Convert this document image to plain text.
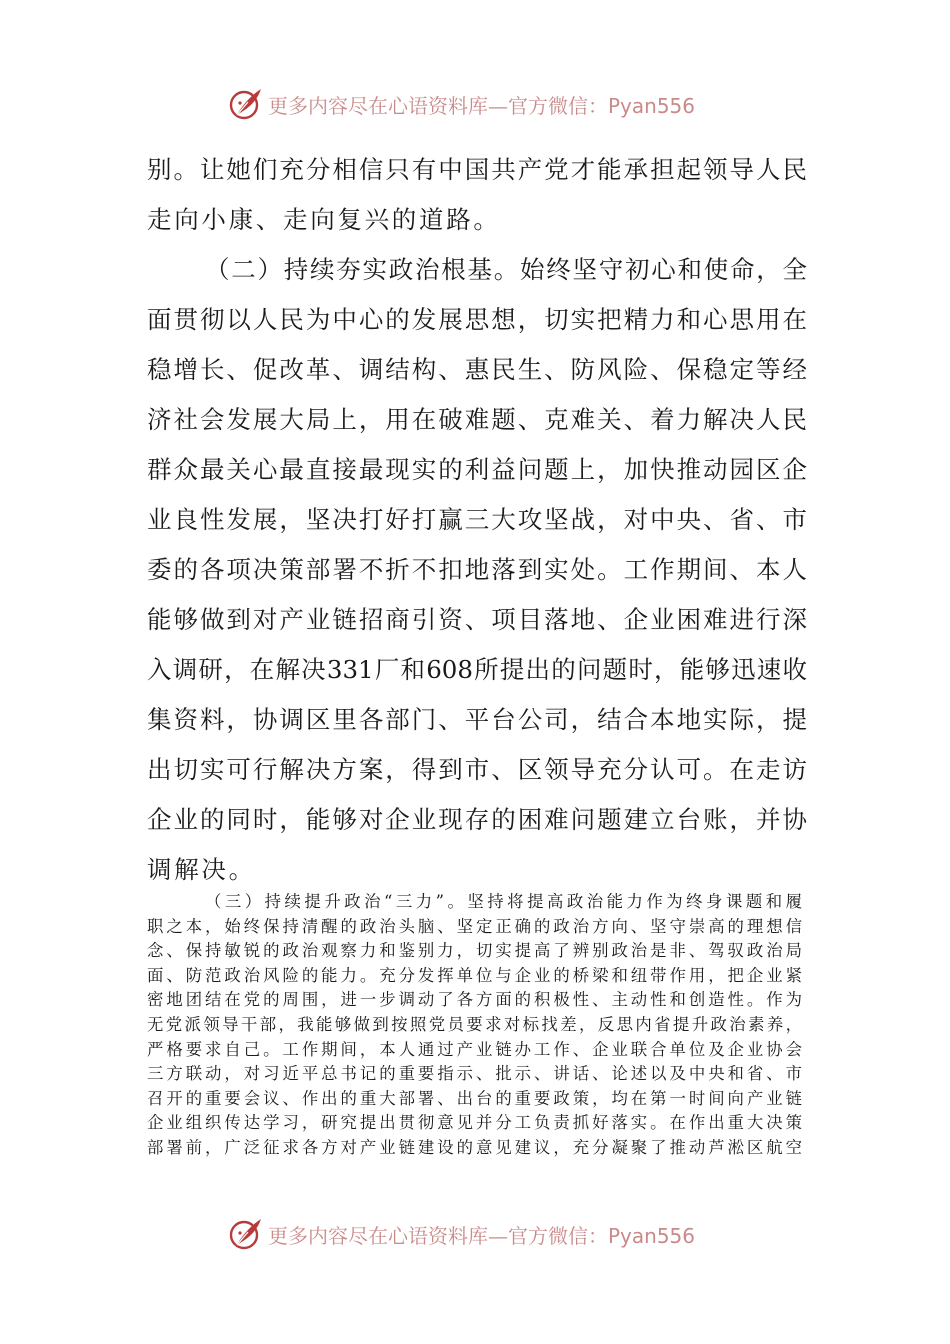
更多内容尽在心语资料库—官方微信：Pyan556
别。让她们充分相信只有中国共产党才能承担起领导人民
走向小康、走向复兴的道路。
（二）持续夯实政治根基。始终坚守初心和使命，全
面贯彻以人民为中心的发展思想，切实把精力和心思用在
稳增长、促改革、调结构、惠民生、防风险、保稳定等经
济社会发展大局上，用在破难题、克难关、着力解决人民
群众最关心最直接最现实的利益问题上，加快推动园区企
业良性发展，坚决打好打赢三大攻坚战，对中央、省、市
委的各项决策部署不折不扣地落到实处。工作期间、本人
能够做到对产业链招商引资、项目落地、企业困难进行深
入调研，在解决331厂和608所提出的问题时，能够迅速收
集资料，协调区里各部门、平台公司，结合本地实际，提
出切实可行解决方案，得到市、区领导充分认可。在走访
企业的同时，能够对企业现存的困难问题建立台账，并协
调解决。
（三）持续提升政治“三力”。坚持将提高政治能力作为终身课题和履
职之本，始终保持清醒的政治头脑、坚定正确的政治方向、坚守崇高的理想信
念、保持敏锐的政治观察力和鉴别力，切实提高了辨别政治是非、驾驭政治局
面、防范政治风险的能力。充分发挥单位与企业的桥梁和纽带作用，把企业紧
密地团结在党的周围，进一步调动了各方面的积极性、主动性和创造性。作为
无党派领导干部，我能够做到按照党员要求对标找差，反思内省提升政治素养，
严格要求自己。工作期间，本人通过产业链办工作、企业联合单位及企业协会
三方联动，对习近平总书记的重要指示、批示、讲话、论述以及中央和省、市
召开的重要会议、作出的重大部署、出台的重要政策，均在第一时间向产业链
企业组织传达学习，研究提出贯彻意见并分工负责抓好落实。在作出重大决策
部署前，广泛征求各方对产业链建设的意见建议，充分凝聚了推动芦淞区航空
更多内容尽在心语资料库—官方微信：Pyan556
